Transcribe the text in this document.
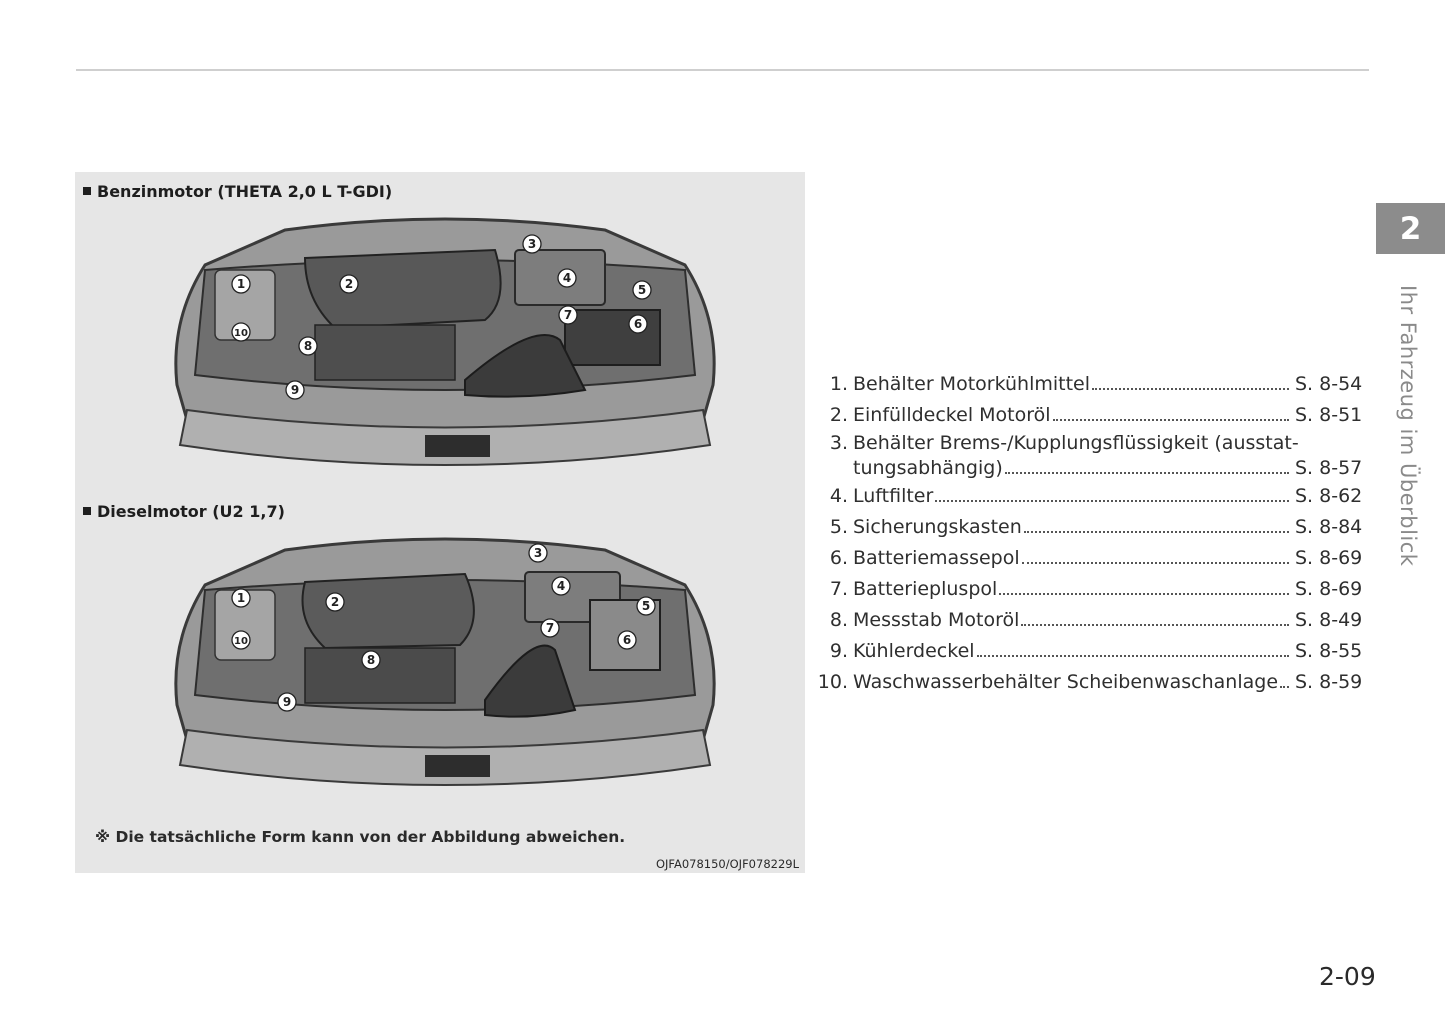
Benzinmotor (THETA 2,0 L T-GDI)
1	2
3
4
5
6
7
8
9
10
Dieselmotor (U2 1,7)
1	2
3
4
5
6
7
8
9
10
※ Die tatsächliche Form kann von der Abbildung abweichen.
OJFA078150/OJF078229L
2
Ihr Fahrzeug im Überblick
1. Behälter Motorkühlmittel	S. 8-54
2. Einfülldeckel Motoröl	S. 8-51
3. Behälter Brems-/Kupplungsflüssigkeit (ausstat-
tungsabhängig)	S. 8-57
4. Luftfilter	S. 8-62
5. Sicherungskasten	S. 8-84
6. Batteriemassepol	S. 8-69
7. Batteriepluspol	S. 8-69
8. Messstab Motoröl	S. 8-49
9. Kühlerdeckel	S. 8-55
10. Waschwasserbehälter Scheibenwaschanlage S. 8-59
2-09
